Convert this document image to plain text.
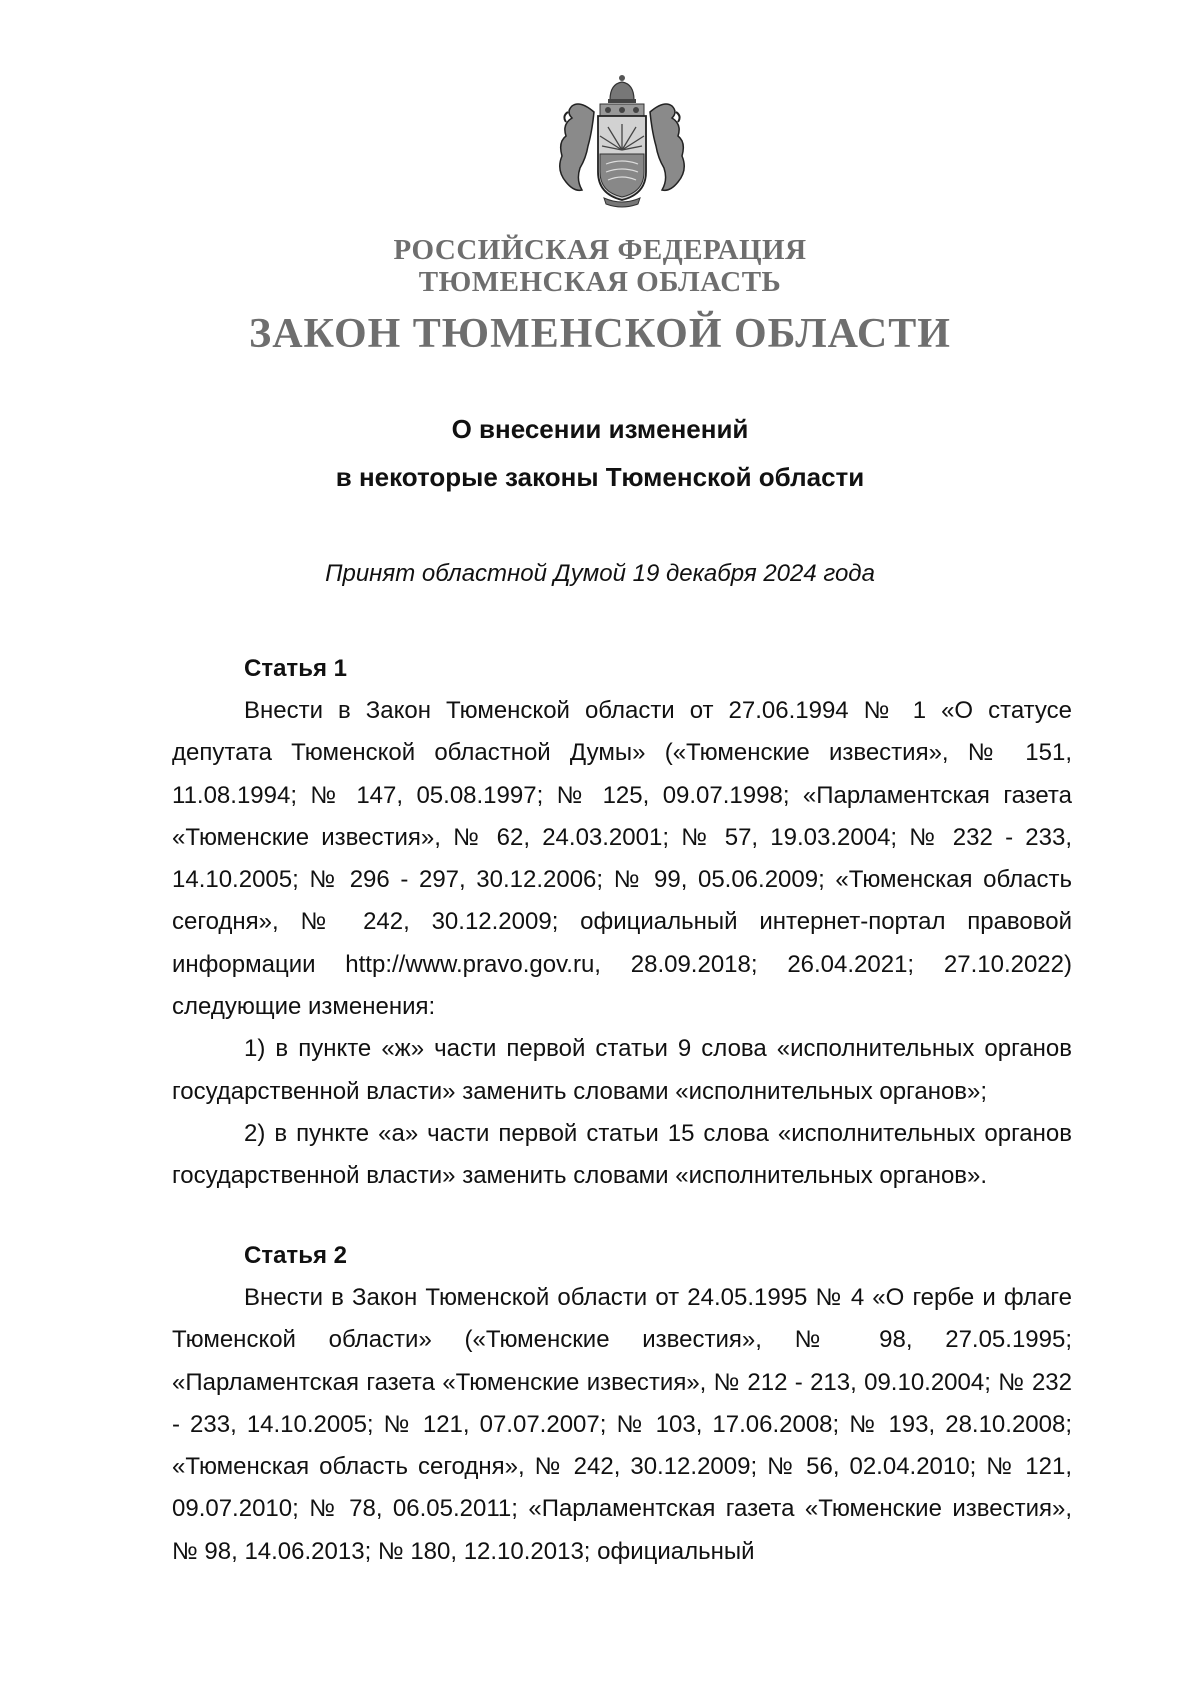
РОССИЙСКАЯ ФЕДЕРАЦИЯ
ТЮМЕНСКАЯ ОБЛАСТЬ
ЗАКОН ТЮМЕНСКОЙ ОБЛАСТИ
О внесении изменений
в некоторые законы Тюменской области
Принят областной Думой 19 декабря 2024 года
Статья 1

Внести в Закон Тюменской области от 27.06.1994 № 1 «О статусе депутата Тюменской областной Думы» («Тюменские известия», № 151, 11.08.1994; № 147, 05.08.1997; № 125, 09.07.1998; «Парламентская газета «Тюменские известия», № 62, 24.03.2001; № 57, 19.03.2004; № 232 - 233, 14.10.2005; № 296 - 297, 30.12.2006; № 99, 05.06.2009; «Тюменская область сегодня», № 242, 30.12.2009; официальный интернет-портал правовой информации http://www.pravo.gov.ru, 28.09.2018; 26.04.2021; 27.10.2022) следующие изменения:

1) в пункте «ж» части первой статьи 9 слова «исполнительных органов государственной власти» заменить словами «исполнительных органов»;

2) в пункте «а» части первой статьи 15 слова «исполнительных органов государственной власти» заменить словами «исполнительных органов».

Статья 2

Внести в Закон Тюменской области от 24.05.1995 № 4 «О гербе и флаге Тюменской области» («Тюменские известия», № 98, 27.05.1995; «Парламентская газета «Тюменские известия», № 212 - 213, 09.10.2004; № 232 - 233, 14.10.2005; № 121, 07.07.2007; № 103, 17.06.2008; № 193, 28.10.2008; «Тюменская область сегодня», № 242, 30.12.2009; № 56, 02.04.2010; № 121, 09.07.2010; № 78, 06.05.2011; «Парламентская газета «Тюменские известия», № 98, 14.06.2013; № 180, 12.10.2013; официальный
